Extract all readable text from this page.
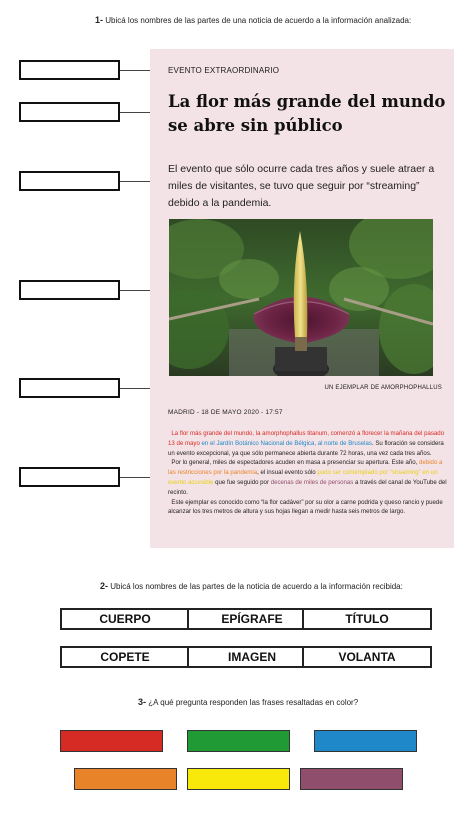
1- Ubicá los nombres de las partes de una noticia de acuerdo a la información analizada:
EVENTO EXTRAORDINARIO
La flor más grande del mundo se abre sin público
El evento que sólo ocurre cada tres años y suele atraer a miles de visitantes, se tuvo que seguir por “streaming” debido a la pandemia.
UN EJEMPLAR DE AMORPHOPHALLUS
MADRID - 18 DE MAYO 2020 - 17:57

La flor más grande del mundo, la amorphophallus titanum, comenzó a florecer la mañana del pasado 13 de mayo en el Jardín Botánico Nacional de Bélgica, al norte de Bruselas. Su floración se considera un evento excepcional, ya que sólo permanece abierta durante 72 horas, una vez cada tres años.

Por lo general, miles de espectadores acuden en masa a presenciar su apertura. Este año, debido a las restricciones por la pandemia, el insual evento sólo pudo ser contemplado por “streaming” en un evento accesible que fue seguido por decenas de miles de personas a través del canal de YouTube del recinto.

Este ejemplar es conocido como “la flor cadáver” por su olor a carne podrida y queso rancio y puede alcanzar los tres metros de altura y sus hojas llegan a medir hasta seis metros de largo.

2- Ubicá los nombres de las partes de la noticia de acuerdo a la información recibida:
CUERPO	EPÍGRAFE	TÍTULO
COPETE	IMAGEN	VOLANTA
3- ¿A qué pregunta responden las frases resaltadas en color?
